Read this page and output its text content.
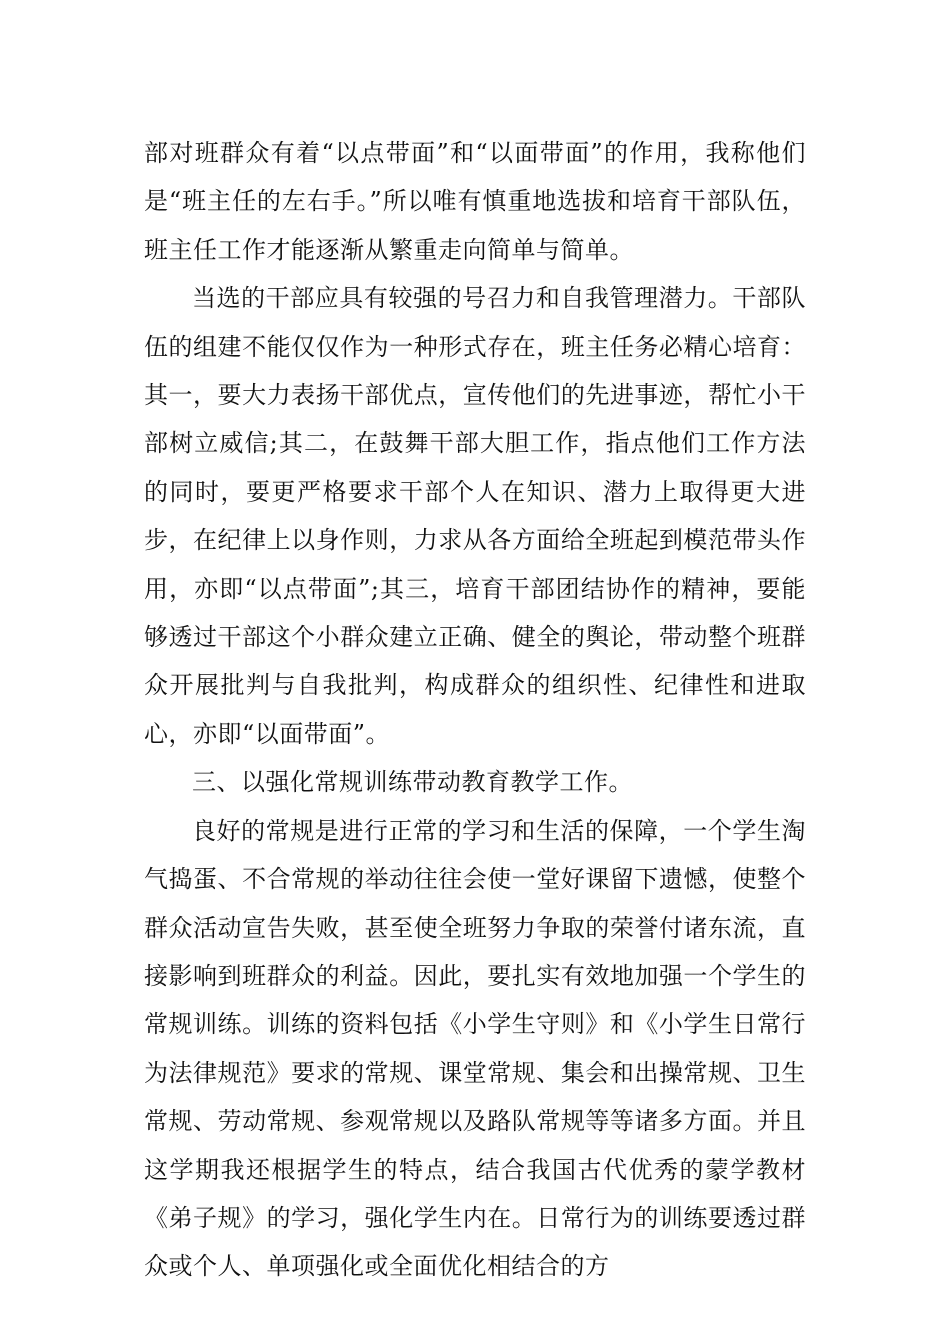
部对班群众有着“以点带面”和“以面带面”的作用，我称他们是“班主任的左右手。”所以唯有慎重地选拔和培育干部队伍，班主任工作才能逐渐从繁重走向简单与简单。

当选的干部应具有较强的号召力和自我管理潜力。干部队伍的组建不能仅仅作为一种形式存在，班主任务必精心培育：其一，要大力表扬干部优点，宣传他们的先进事迹，帮忙小干部树立威信;其二，在鼓舞干部大胆工作，指点他们工作方法的同时，要更严格要求干部个人在知识、潜力上取得更大进步，在纪律上以身作则，力求从各方面给全班起到模范带头作用，亦即“以点带面”;其三，培育干部团结协作的精神，要能够透过干部这个小群众建立正确、健全的舆论，带动整个班群众开展批判与自我批判，构成群众的组织性、纪律性和进取心，亦即“以面带面”。

三、以强化常规训练带动教育教学工作。

良好的常规是进行正常的学习和生活的保障，一个学生淘气捣蛋、不合常规的举动往往会使一堂好课留下遗憾，使整个群众活动宣告失败，甚至使全班努力争取的荣誉付诸东流，直接影响到班群众的利益。因此，要扎实有效地加强一个学生的常规训练。训练的资料包括《小学生守则》和《小学生日常行为法律规范》要求的常规、课堂常规、集会和出操常规、卫生常规、劳动常规、参观常规以及路队常规等等诸多方面。并且这学期我还根据学生的特点，结合我国古代优秀的蒙学教材《弟子规》的学习，强化学生内在。日常行为的训练要透过群众或个人、单项强化或全面优化相结合的方
